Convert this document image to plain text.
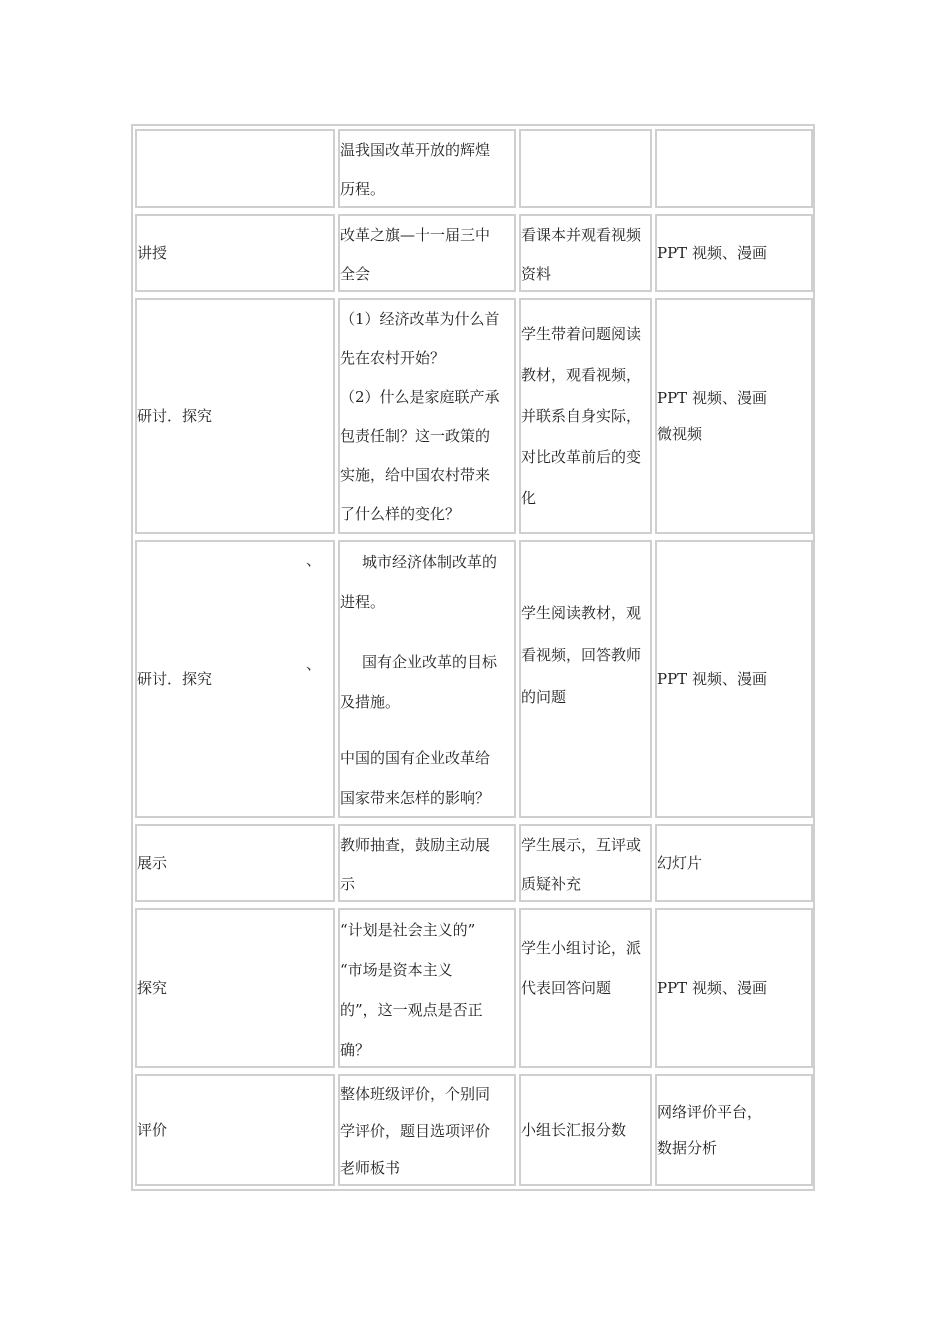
温我国改革开放的辉煌
历程。
讲授
改革之旗—十一届三中
全会
看课本并观看视频
资料
PPT 视频、漫画
研讨．探究
（1）经济改革为什么首
先在农村开始？
（2）什么是家庭联产承
包责任制？这一政策的
实施，给中国农村带来
了什么样的变化？
学生带着问题阅读
教材，观看视频，
并联系自身实际，
对比改革前后的变
化
PPT 视频、漫画
微视频
、
、
研讨．探究
城市经济体制改革的
进程。
国有企业改革的目标
及措施。
中国的国有企业改革给
国家带来怎样的影响？
学生阅读教材，观
看视频，回答教师
的问题
PPT 视频、漫画
展示
教师抽查，鼓励主动展
示
学生展示，互评或
质疑补充
幻灯片
探究
“计划是社会主义的”
“市场是资本主义
的”，这一观点是否正
确？
学生小组讨论，派
代表回答问题	PPT 视频、漫画
评价
整体班级评价，个别同
学评价，题目选项评价
老师板书
小组长汇报分数
网络评价平台，
数据分析
